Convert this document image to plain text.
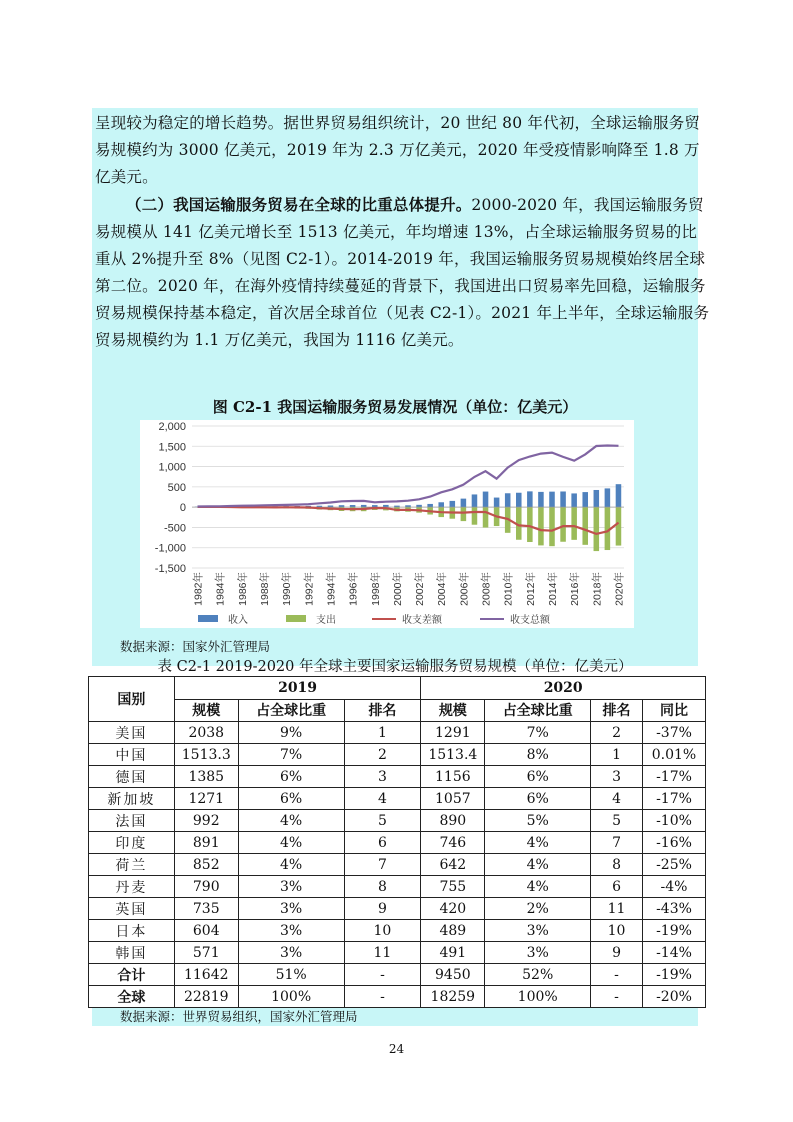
呈现较为稳定的增长趋势。据世界贸易组织统计，20 世纪 80 年代初，全球运输服务贸易规模约为 3000 亿美元，2019 年为 2.3 万亿美元，2020 年受疫情影响降至 1.8 万亿美元。

（二）我国运输服务贸易在全球的比重总体提升。2000-2020 年，我国运输服务贸易规模从 141 亿美元增长至 1513 亿美元，年均增速 13%，占全球运输服务贸易的比重从 2%提升至 8%（见图 C2-1）。2014-2019 年，我国运输服务贸易规模始终居全球第二位。2020 年，在海外疫情持续蔓延的背景下，我国进出口贸易率先回稳，运输服务贸易规模保持基本稳定，首次居全球首位（见表 C2-1）。2021 年上半年，全球运输服务贸易规模约为 1.1 万亿美元，我国为 1116 亿美元。

图 C2-1 我国运输服务贸易发展情况（单位：亿美元）
2,000
1,500
1,000
500
0
-500
-1,000
-1,500
1982年 1984年 1986年 1988年 1990年 1992年 1994年 1996年 1998年 2000年 2002年 2004年 2006年 2008年 2010年 2012年 2014年 2016年 2018年 2020年
收入	支出	收支差额	收支总额
数据来源：国家外汇管理局
表 C2-1 2019-2020 年全球主要国家运输服务贸易规模（单位：亿美元）
国别	2019			2020			
	规模	占全球比重	排名	规模	占全球比重	排名	同比
美国	2038	9%	1	1291	7%	2	-37%
中国	1513.3	7%	2	1513.4	8%	1	0.01%
德国	1385	6%	3	1156	6%	3	-17%
新加坡	1271	6%	4	1057	6%	4	-17%
法国	992	4%	5	890	5%	5	-10%
印度	891	4%	6	746	4%	7	-16%
荷兰	852	4%	7	642	4%	8	-25%
丹麦	790	3%	8	755	4%	6	-4%
英国	735	3%	9	420	2%	11	-43%
日本	604	3%	10	489	3%	10	-19%
韩国	571	3%	11	491	3%	9	-14%
合计	11642	51%	-	9450	52%	-	-19%
全球	22819	100%	-	18259	100%	-	-20%
数据来源：世界贸易组织，国家外汇管理局
24
